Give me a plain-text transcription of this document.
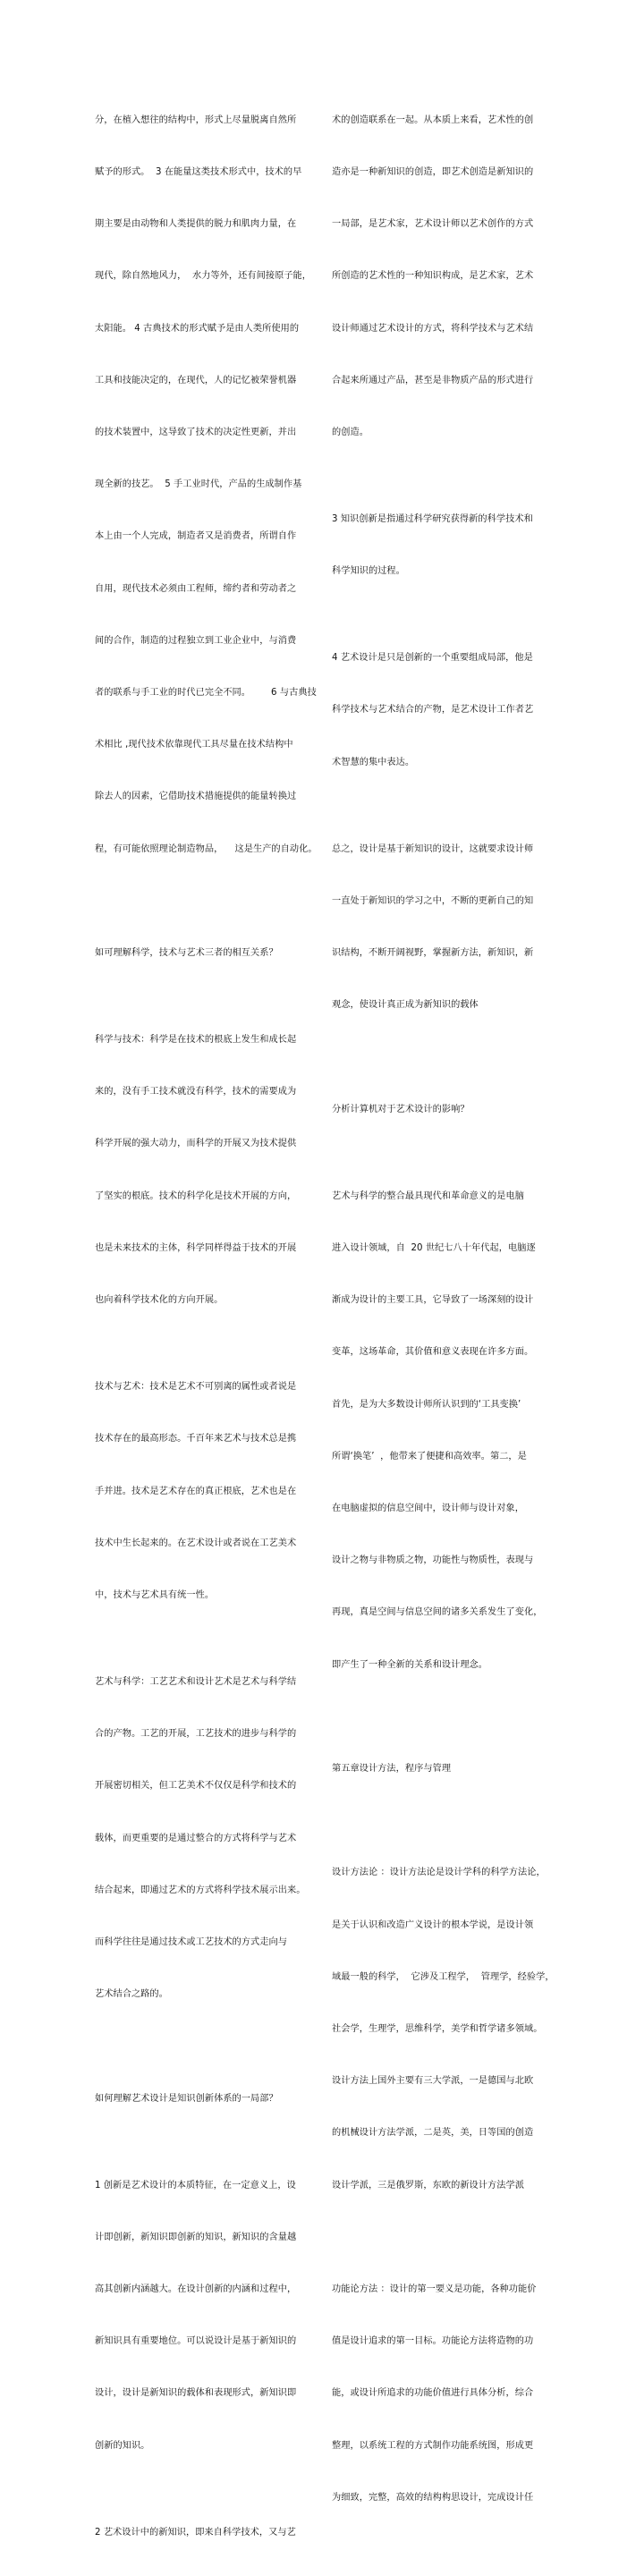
分，在植入想往的结构中，形式上尽量脱离自然所

赋予的形式。  3 在能量这类技术形式中，技术的早

期主要是由动物和人类提供的脱力和肌肉力量，在

现代，除自然地风力，  水力等外，还有间接原子能，

太阳能。 4 古典技术的形式赋予是由人类所使用的

工具和技能决定的，在现代，人的记忆被荣誉机器

的技术装置中，这导致了技术的决定性更新，并出

现全新的技艺。  5 手工业时代，产品的生成制作基

本上由一个人完成，制造者又是消费者，所谓自作

自用，现代技术必须由工程师，缔约者和劳动者之

间的合作，制造的过程独立到工业企业中，与消费

者的联系与手工业的时代已完全不同。       6 与古典技

术相比 ,现代技术依靠现代工具尽量在技术结构中

除去人的因素，它借助技术措施提供的能量转换过

程，有可能依照理论制造物品，    这是生产的自动化。

如可理解科学，技术与艺术三者的相互关系？

科学与技术：科学是在技术的根底上发生和成长起

来的，没有手工技术就没有科学，技术的需要成为

科学开展的强大动力，而科学的开展又为技术提供

了坚实的根底。技术的科学化是技术开展的方向，

也是未来技术的主体，科学同样得益于技术的开展

也向着科学技术化的方向开展。

技术与艺术：技术是艺术不可别离的属性或者说是

技术存在的最高形态。千百年来艺术与技术总是携

手并进。技术是艺术存在的真正根底，艺术也是在

技术中生长起来的。在艺术设计或者说在工艺美术

中，技术与艺术具有统一性。

艺术与科学：工艺艺术和设计艺术是艺术与科学结

合的产物。工艺的开展，工艺技术的进步与科学的

开展密切相关，但工艺美术不仅仅是科学和技术的

载体，而更重要的是通过整合的方式将科学与艺术

结合起来，即通过艺术的方式将科学技术展示出来。

而科学往往是通过技术或工艺技术的方式走向与

艺术结合之路的。

如何理解艺术设计是知识创新体系的一局部？

1 创新是艺术设计的本质特征，在一定意义上，设

计即创新，新知识即创新的知识，新知识的含量越

高其创新内涵越大。在设计创新的内涵和过程中，

新知识具有重要地位。可以说设计是基于新知识的

设计，设计是新知识的载体和表现形式，新知识即

创新的知识。

2 艺术设计中的新知识，即来自科学技术，又与艺

术的创造联系在一起。从本质上来看，艺术性的创

造亦是一种新知识的创造，即艺术创造是新知识的

一局部，是艺术家，艺术设计师以艺术创作的方式

所创造的艺术性的一种知识构成，是艺术家，艺术

设计师通过艺术设计的方式，将科学技术与艺术结

合起来所通过产品，甚至是非物质产品的形式进行

的创造。

3 知识创新是指通过科学研究获得新的科学技术和

科学知识的过程。

4 艺术设计是只是创新的一个重要组成局部，他是

科学技术与艺术结合的产物，是艺术设计工作者艺

术智慧的集中表达。

总之，设计是基于新知识的设计，这就要求设计师

一直处于新知识的学习之中，不断的更新自己的知

识结构，不断开阔视野，掌握新方法，新知识，新

观念，使设计真正成为新知识的载体

分析计算机对于艺术设计的影响？

艺术与科学的整合最具现代和革命意义的是电脑

进入设计领域，自  20 世纪七八十年代起，电脑逐

渐成为设计的主要工具，它导致了一场深刻的设计

变革，这场革命，其价值和意义表现在许多方面。

首先，是为大多数设计师所认识到的‘工具变换’

所谓‘换笔’  ，他带来了便捷和高效率。第二，是

在电脑虚拟的信息空间中，设计师与设计对象，

设计之物与非物质之物，功能性与物质性，表现与

再现，真是空间与信息空间的诸多关系发生了变化，

即产生了一种全新的关系和设计理念。

第五章设计方法，程序与管理

设计方法论 ：设计方法论是设计学科的科学方法论，

是关于认识和改造广义设计的根本学说，是设计领

域最一般的科学，  它涉及工程学，  管理学，经验学，

社会学，生理学，思维科学，美学和哲学诸多领域。

设计方法上国外主要有三大学派，一是德国与北欧

的机械设计方法学派，二是英，美，日等国的创造

设计学派，三是俄罗斯，东欧的新设计方法学派

功能论方法 ：设计的第一要义是功能，各种功能价

值是设计追求的第一目标。功能论方法将造物的功

能，或设计所追求的功能价值进行具体分析，综合

整理，以系统工程的方式制作功能系统图，形成更

为细致，完整，高效的结构构思设计，完成设计任
